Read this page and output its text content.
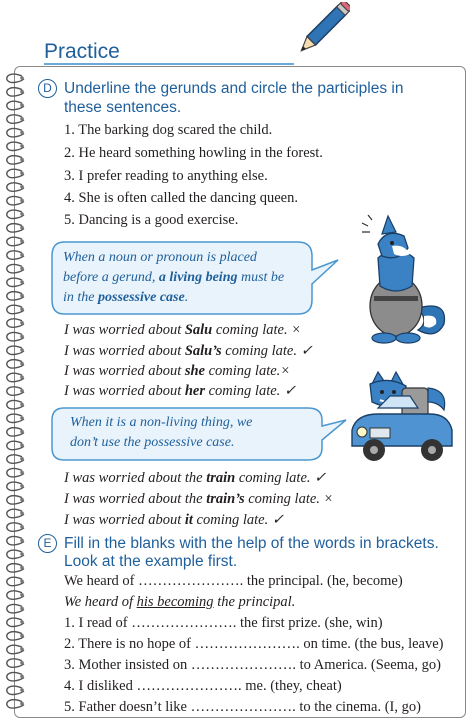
Practice
D Underline the gerunds and circle the participles in
these sentences.
1. The barking dog scared the child.
2. He heard something howling in the forest.
3. I prefer reading to anything else.
4. She is often called the dancing queen.
5. Dancing is a good exercise.
When a noun or pronoun is placed
before a gerund, a living being must be
in the possessive case.
I was worried about Salu coming late. ×
I was worried about Salu’s coming late. ✓
I was worried about she coming late.×
I was worried about her coming late. ✓
When it is a non-living thing, we
don’t use the possessive case.
I was worried about the train coming late. ✓
I was worried about the train’s coming late. ×
I was worried about it coming late. ✓
E Fill in the blanks with the help of the words in brackets.
Look at the example first.
We heard of …………………. the principal. (he, become)
We heard of his becoming the principal.
1. I read of …………………. the first prize. (she, win)
2. There is no hope of …………………. on time. (the bus, leave)
3. Mother insisted on …………………. to America. (Seema, go)
4. I disliked …………………. me. (they, cheat)
5. Father doesn’t like …………………. to the cinema. (I, go)
